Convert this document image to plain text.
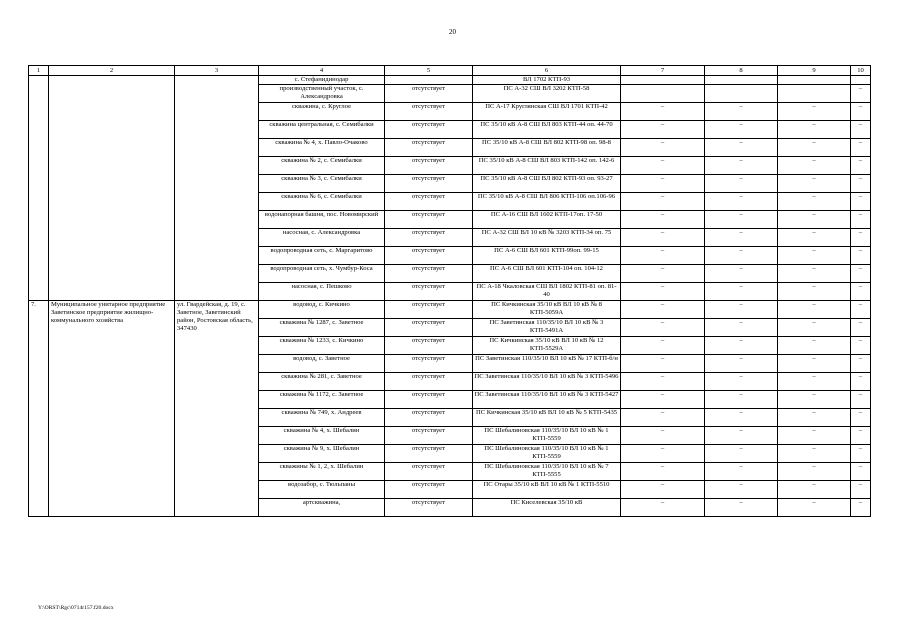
20
1	2	3	4	5	6	7	8	9	10
			с. Стефанидинодар		ВЛ 1702 КТП-93				
			производственный участок, с. Александровка	отсутствует	ПС А-32 СШ ВЛ 3202 КТП-58				–
			скважина, с. Круглое	отсутствует	ПС А-17 Круглянская СШ ВЛ 1701 КТП-42	–	–	–	–
			скважина центральная, с. Семибалки	отсутствует	ПС 35/10 кВ А-8 СШ ВЛ 803 КТП-44 оп. 44-70	–	–	–	–
			скважина № 4, х. Павло-Очаково	отсутствует	ПС 35/10 кВ А-8 СШ ВЛ 802 КТП-98 оп. 98-8	–	–	–	–
			скважина № 2, с. Семибалки	отсутствует	ПС 35/10 кВ А-8 СШ ВЛ 803 КТП-142 оп. 142-6	–	–	–	–
			скважина № 3, с. Семибалки	отсутствует	ПС 35/10 кВ А-8 СШ ВЛ 802 КТП-93 оп. 93-27	–	–	–	–
			скважина № 6, с. Семибалки	отсутствует	ПС 35/10 кВ А-8 СШ ВЛ 806 КТП-106 оп.106-96	–	–	–	–
			водонапорная башня, пос. Новомирский	отсутствует	ПС А-16 СШ ВЛ 1602 КТП-17оп. 17-50	–	–	–	–
			насосная, с. Александровка	отсутствует	ПС А-32 СШ ВЛ 10 кВ № 3203 КТП-34 оп. 75	–	–	–	–
			водопроводная сеть, с. Маргаритово	отсутствует	ПС А-6 СШ ВЛ 601 КТП-99оп. 99-15	–	–	–	–
			водопроводная сеть, х. Чумбур-Коса	отсутствует	ПС А-6 СШ ВЛ 601 КТП-104 оп. 104-12	–	–	–	–
			насосная, с. Пешково	отсутствует	ПС А-18 Чкаловская СШ ВЛ 1802 КТП-81 оп. 81-40	–	–	–	–
7.	Муниципальное унитарное предприятие Заветинское предприятие жилищно-коммунального хозяйства	ул. Гвардейская, д. 19, с. Заветное, Заветинский район, Ростовская область, 347430	водовод, с. Кичкино	отсутствует	ПС Кичкинская 35/10 кВ ВЛ 10 кВ № 8 КТП-5059А	–	–	–	–
			скважина № 1287, с. Заветное	отсутствует	ПС Заветинская 110/35/10 ВЛ 10 кВ № 3 КТП-5491А	–	–	–	–
			скважина № 1233, с. Кичкино	отсутствует	ПС Кичкинская 35/10 кВ ВЛ 10 кВ № 12 КТП-5529А	–	–	–	–
			водовод, с. Заветное	отсутствует	ПС Заветинская 110/35/10 ВЛ 10 кВ № 17 КТП-б/н	–	–	–	–
			скважина № 281, с. Заветное	отсутствует	ПС Заветинская 110/35/10 ВЛ 10 кВ № 3 КТП-5496	–	–	–	–
			скважина № 1172, с. Заветное	отсутствует	ПС Заветинская 110/35/10 ВЛ 10 кВ № 3 КТП-5427	–	–	–	–
			скважина № 749, х. Андреев	отсутствует	ПС Кичкинская 35/10 кВ ВЛ 10 кВ № 5 КТП-5435	–	–	–	–
			скважина № 4, х. Шебалин	отсутствует	ПС Шебалиновская 110/35/10 ВЛ 10 кВ № 1 КТП-5559	–	–	–	–
			скважина № 9, х. Шебалин	отсутствует	ПС Шебалиновская 110/35/10 ВЛ 10 кВ № 1 КТП-5559	–	–	–	–
			скважины № 1, 2, х. Шебалин	отсутствует	ПС Шебалиновская 110/35/10 ВЛ 10 кВ № 7 КТП-5555	–	–	–	–
			водозабор, с. Тюльпаны	отсутствует	ПС Отары 35/10 кВ ВЛ 10 кВ № 1 КТП-5510	–	–	–	–
			артскважина,	отсутствует	ПС Киселевская 35/10 кВ	–	–	–	–
Y:\ORST\Rgc\0714r157.f20.docx
